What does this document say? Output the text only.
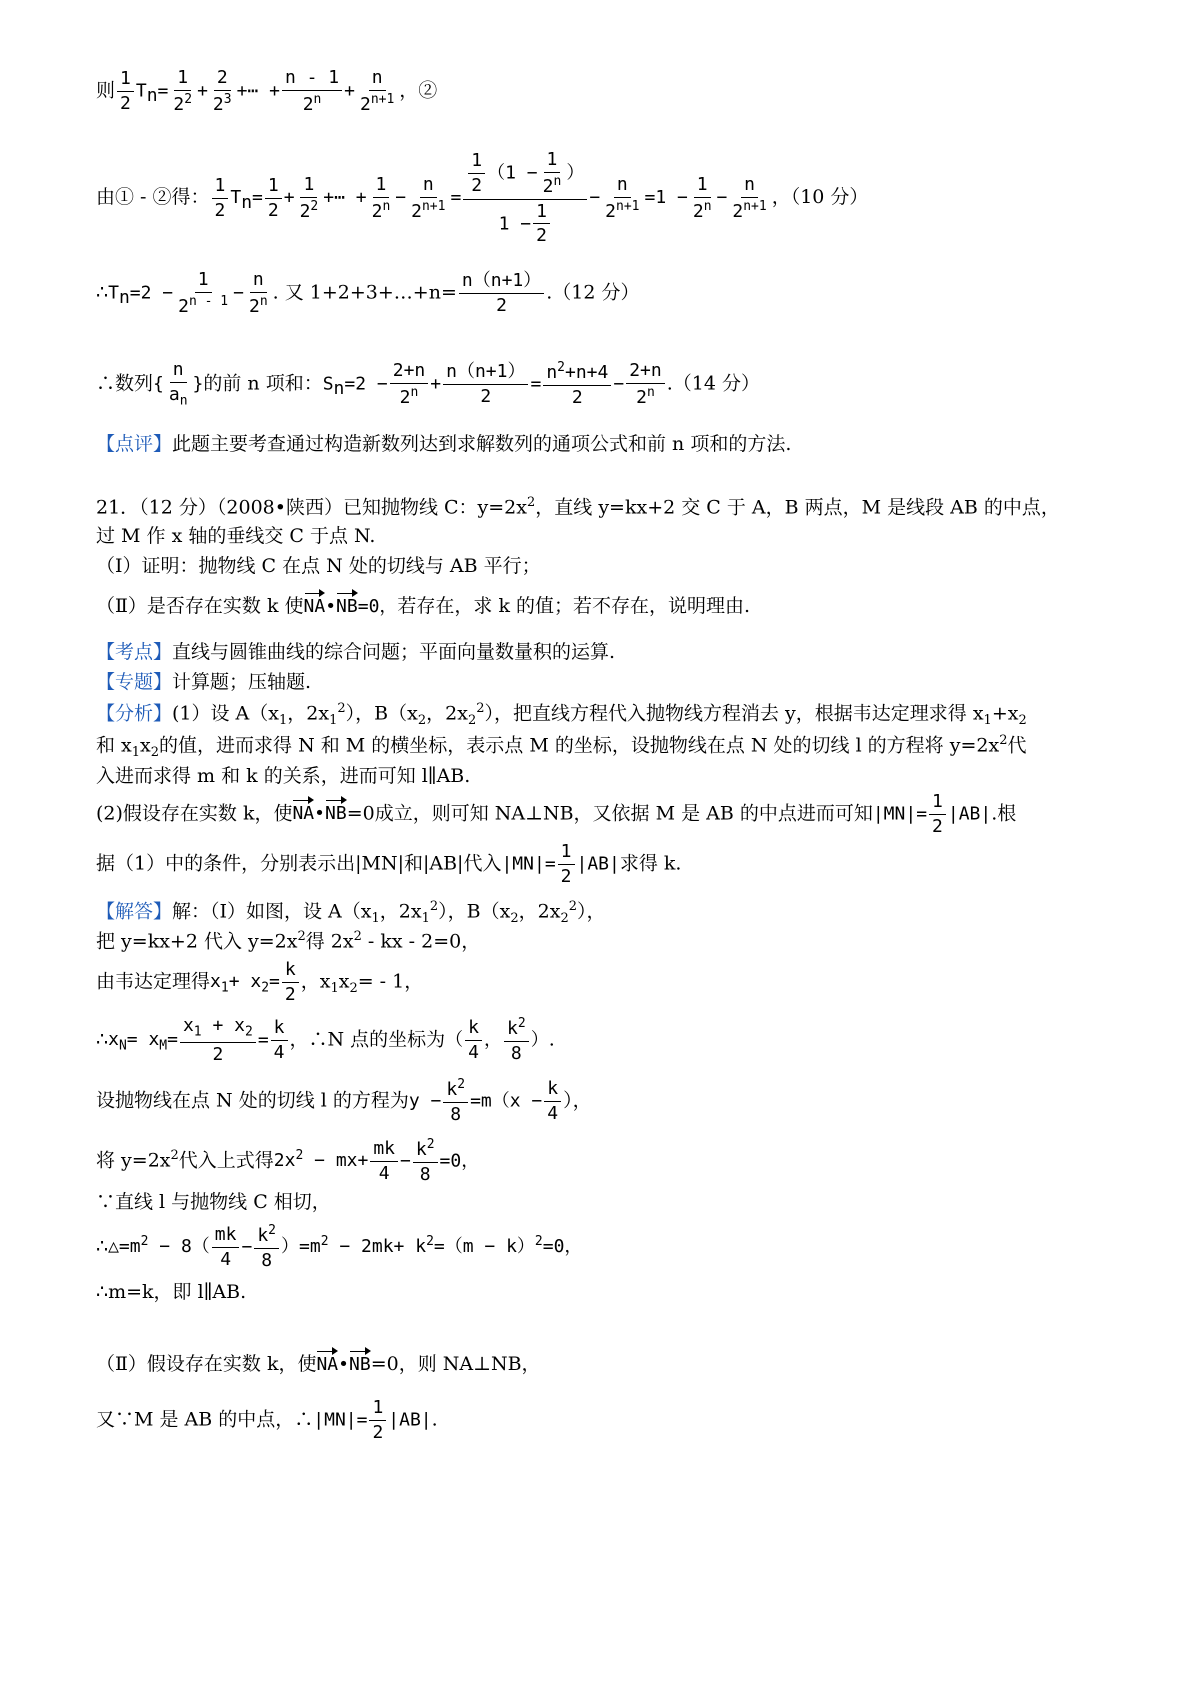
则 $\frac{1}{2} T_n= \frac{1}{2^2} + \frac{2}{2^3}$ +⋯ + $\frac{n - 1}{2^n} + \frac{n}{2^{n+1}}$ ，②
由① - ②得： $\frac{1}{2} T_n= \frac{1}{2} + \frac{1}{2^2}$ +⋯ + $\frac{1}{2^n} - \frac{n}{2^{n+1}} = \frac{\frac{1}{2} (1 - \frac{1}{2^n} )}{1 - \frac{1}{2}} - \frac{n}{2^{n+1}} =1 - \frac{1}{2^n} - \frac{n}{2^{n+1}}$ ，（10 分）
$\therefore T_n=2 - \frac{1}{2^{n - 1}} - \frac{n}{2^n}$ . 又 1+2+3+…+n= $\frac{n(n+1)}{2} .(12$ 分）
∴数列{ $\frac{n}{a_n}$ }的前 n 项和：$S_n=2 - \frac{2+n}{2^n} + \frac{n(n+1)}{2} = \frac{n^2+n+4}{2} - \frac{2+n}{2^n} .(14$ 分）
【点评】此题主要考查通过构造新数列达到求解数列的通项公式和前 n 项和的方法.
21．（12 分）（2008•陕西）已知抛物线 C：$y=2x^2$，直线 y=kx+2 交 C 于 A，B 两点，M 是线段 AB 的中点，
过 M 作 x 轴的垂线交 C 于点 N.
（Ⅰ）证明：抛物线 C 在点 N 处的切线与 AB 平行；
（Ⅱ）是否存在实数 k 使NA•NB=0，若存在，求 k 的值；若不存在，说明理由.
【考点】直线与圆锥曲线的综合问题；平面向量数量积的运算.
【专题】计算题；压轴题.
【分析】(1）设 $A(x_1$，$2x_1^2$），$B(x_2$，$2x_2^2$），把直线方程代入抛物线方程消去 y，根据韦达定理求得 $x_1+x_2$
和 $x_1x_2$的值，进而求得 N 和 M 的横坐标，表示点 M 的坐标，设抛物线在点 N 处的切线 l 的方程将 $y=2x^2$代
入进而求得 m 和 k 的关系，进而可知 l∥AB.
(2)假设存在实数 k，使NA•NB=0成立，则可知 NA⊥NB，又依据 M 是 AB 的中点进而可知$|MN|= \frac{1}{2} |AB|$.根
据（1）中的条件，分别表示出|MN|和|AB|代入$|MN|= \frac{1}{2} |AB|$求得 k.
【解答】解：（Ⅰ）如图，设 $A(x_1$，$2x_1^2$），$B(x_2$，$2x_2^2$），
把 y=kx+2 代入 $y=2x^2$得 $2x^2$ - kx - 2=0，
由韦达定理得$x_1+ x_2= \frac{k}{2}$ ，$x_1x_2= - 1$，
$\therefore x_N= x_M= \frac{x_1 + x_2}{2} = \frac{k}{4}$ ，∴N 点的坐标为（ $\frac{k}{4}$ ， $\frac{k^2}{8}$ ）.
设抛物线在点 N 处的切线 l 的方程为$y - \frac{k^2}{8} =m(x - \frac{k}{4}$ ），
将 $y=2x^2$代入上式得$2x^2 - mx+ \frac{mk}{4} - \frac{k^2}{8} =0$，
∵直线 l 与抛物线 C 相切，
$\therefore\triangle=m^2 - 8( \frac{mk}{4} - \frac{k^2}{8} )=m^2 - 2mk+ k^2=(m - k)^2=0$，
∴m=k，即 l∥AB.
（Ⅱ）假设存在实数 k，使NA•NB=0，则 NA⊥NB，
又∵M 是 AB 的中点，∴|MN|= $\frac{1}{2} |AB|$.
